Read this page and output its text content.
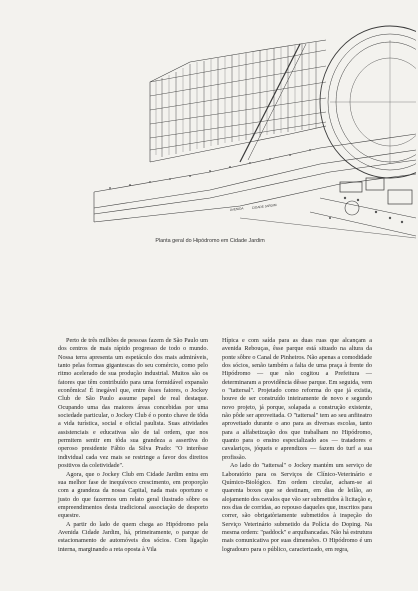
AVENIDA CIDADE JARDIM
Planta geral do Hipódromo em Cidade Jardim

Perto de três milhões de pessoas fazem de São Paulo um dos centros de mais rápido progresso de todo o mundo. Nossa terra apresenta um espetáculo dos mais admiráveis, tanto pelas formas gigantescas do seu comércio, como pelo ritmo acelerado de sua produção industrial. Muitos são os fatores que têm contribuído para uma formidável expansão econômica! É inegável que, entre êsses fatores, o Jockey Club de São Paulo assume papel de real destaque. Ocupando uma das maiores áreas concebidas por uma sociedade particular, o Jockey Club é o ponto chave de tôda a vida turística, social e oficial paulista. Suas atividades assistenciais e educativas são de tal ordem, que nos permitem sentir em tôda sua grandeza a assertiva do operoso presidente Fábio da Silva Prado: "O interêsse individual cada vez mais se restringe a favor dos direitos positivos da coletividade".

Agora, que o Jockey Club em Cidade Jardim entra em sua melhor fase de inequívoco crescimento, em proporção com a grandeza da nossa Capital, nada mais oportuno e justo do que fazermos um relato geral ilustrado sôbre os empreendimentos desta tradicional associação de desporto equestre.

A partir do lado de quem chega ao Hipódromo pela Avenida Cidade Jardim, há, primeiramente, o parque de estacionamento de automóveis dos sócios. Com ligação interna, marginando a reta oposta à Vila

Hípica e com saída para as duas ruas que alcançam a avenida Rebouças, êsse parque está situado na altura da ponte sôbre o Canal de Pinheiros. Não apenas a comodidade dos sócios, senão também a falta de uma praça à frente do Hipódromo — que não cogitou a Prefeitura — determinaram a providência dêsse parque. Em seguida, vem o "tattersal". Projetado como reforma do que já existia, houve de ser construído inteiramente de novo e segundo novo projeto, já porque, solapada a construção existente, não pôde ser aproveitada. O "tattersal" tem ao seu anfiteatro aproveitado durante o ano para as diversas escolas, tanto para a alfabetização dos que trabalham no Hipódromo, quanto para o ensino especializado aos — tratadores e cavalariços, jóqueis e aprendizes — fazem do turf a sua profissão.

Ao lado do "tattersal" o Jockey mantém um serviço de Laboratório para os Serviços de Clínico-Veterinário e Químico-Biológico. Em ordem circular, acham-se ai quarenta boxes que se destinam, em dias de leilão, ao alojamento dos cavalos que vão ser submetidos à licitação e, nos dias de corridas, ao repouso daqueles que, inscritos para correr, são obrigatòriamente submetidos à inspeção do Serviço Veterinário submetido da Polícia do Doping. Na mesma ordem: "paddock" e arquibancadas. Não há estrutura mais comunicativa por suas dimensões. O Hipódromo é um logradouro para o público, caracterizado, em regra,
